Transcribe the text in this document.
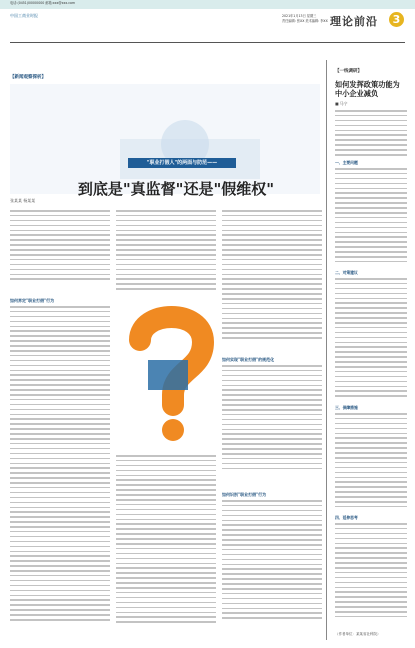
电话:(0451)00000000 邮箱:xxx@xxx.com
中国工商业时报	2021年1月13日 星期三
责任编辑: 张XX 美术编辑: 李XX 理论前沿	3
【新闻观察探析】
"职业打假人"的两面与防范——
到底是"真监督"还是"假维权"
张某某 杨某某
如何界定"职业打假"行为
如何实现"职业打假"的规范化
如何识别"职业打假"行为
【一线调研】
如何发挥政策功能为中小企业减负
■ 马宁
一、主要问题
二、对策建议
三、保障措施
四、延伸思考
（作者单位：某某省社科院）
